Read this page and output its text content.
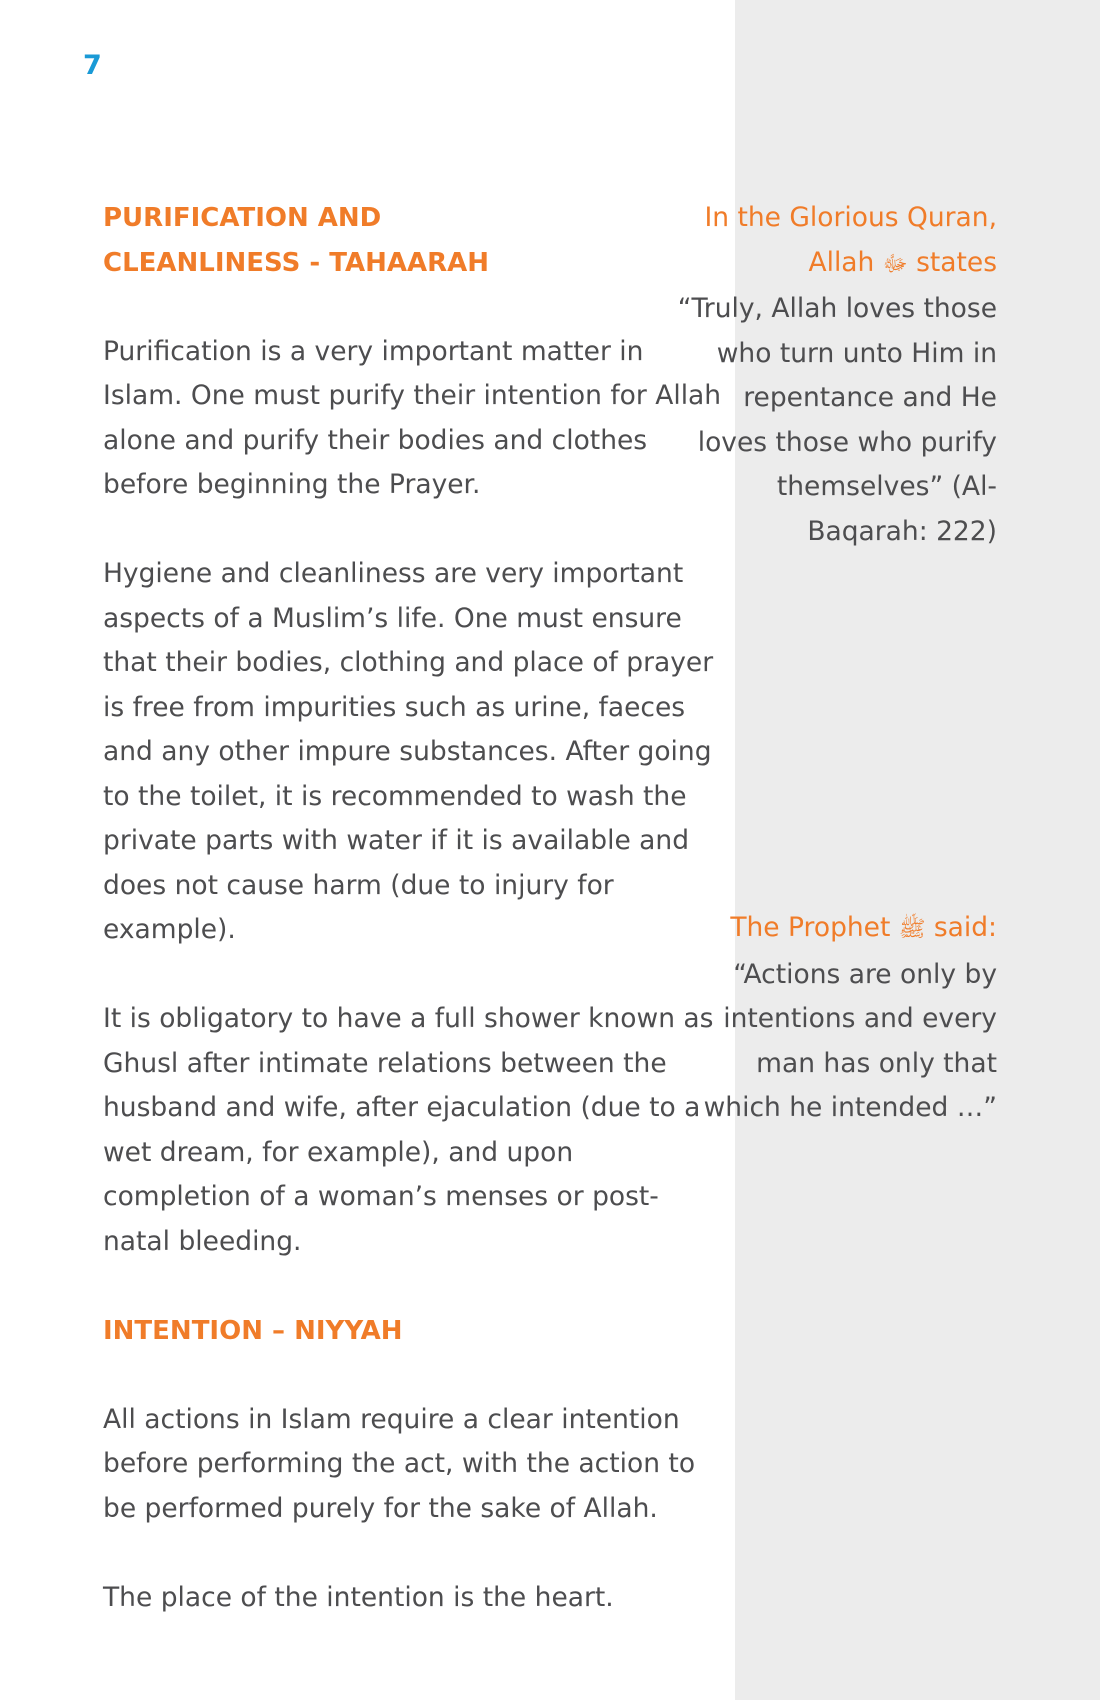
7
PURIFICATION AND CLEANLINESS - TAHAARAH

Purification is a very important matter in Islam. One must purify their intention for Allah alone and purify their bodies and clothes before beginning the Prayer.

Hygiene and cleanliness are very important aspects of a Muslim’s life. One must ensure that their bodies, clothing and place of prayer is free from impurities such as urine, faeces and any other impure substances. After going to the toilet, it is recommended to wash the private parts with water if it is available and does not cause harm (due to injury for example).

It is obligatory to have a full shower known as Ghusl after intimate relations between the husband and wife, after ejaculation (due to a wet dream, for example), and upon completion of a woman’s menses or post-natal bleeding.

INTENTION – NIYYAH

All actions in Islam require a clear intention before performing the act, with the action to be performed purely for the sake of Allah.

The place of the intention is the heart.

In the Glorious Quran, Allah ﷻ states
“Truly, Allah loves those who turn unto Him in repentance and He loves those who purify themselves” (Al-Baqarah: 222)
The Prophet ﷺ said:
“Actions are only by intentions and every man has only that which he intended …”
